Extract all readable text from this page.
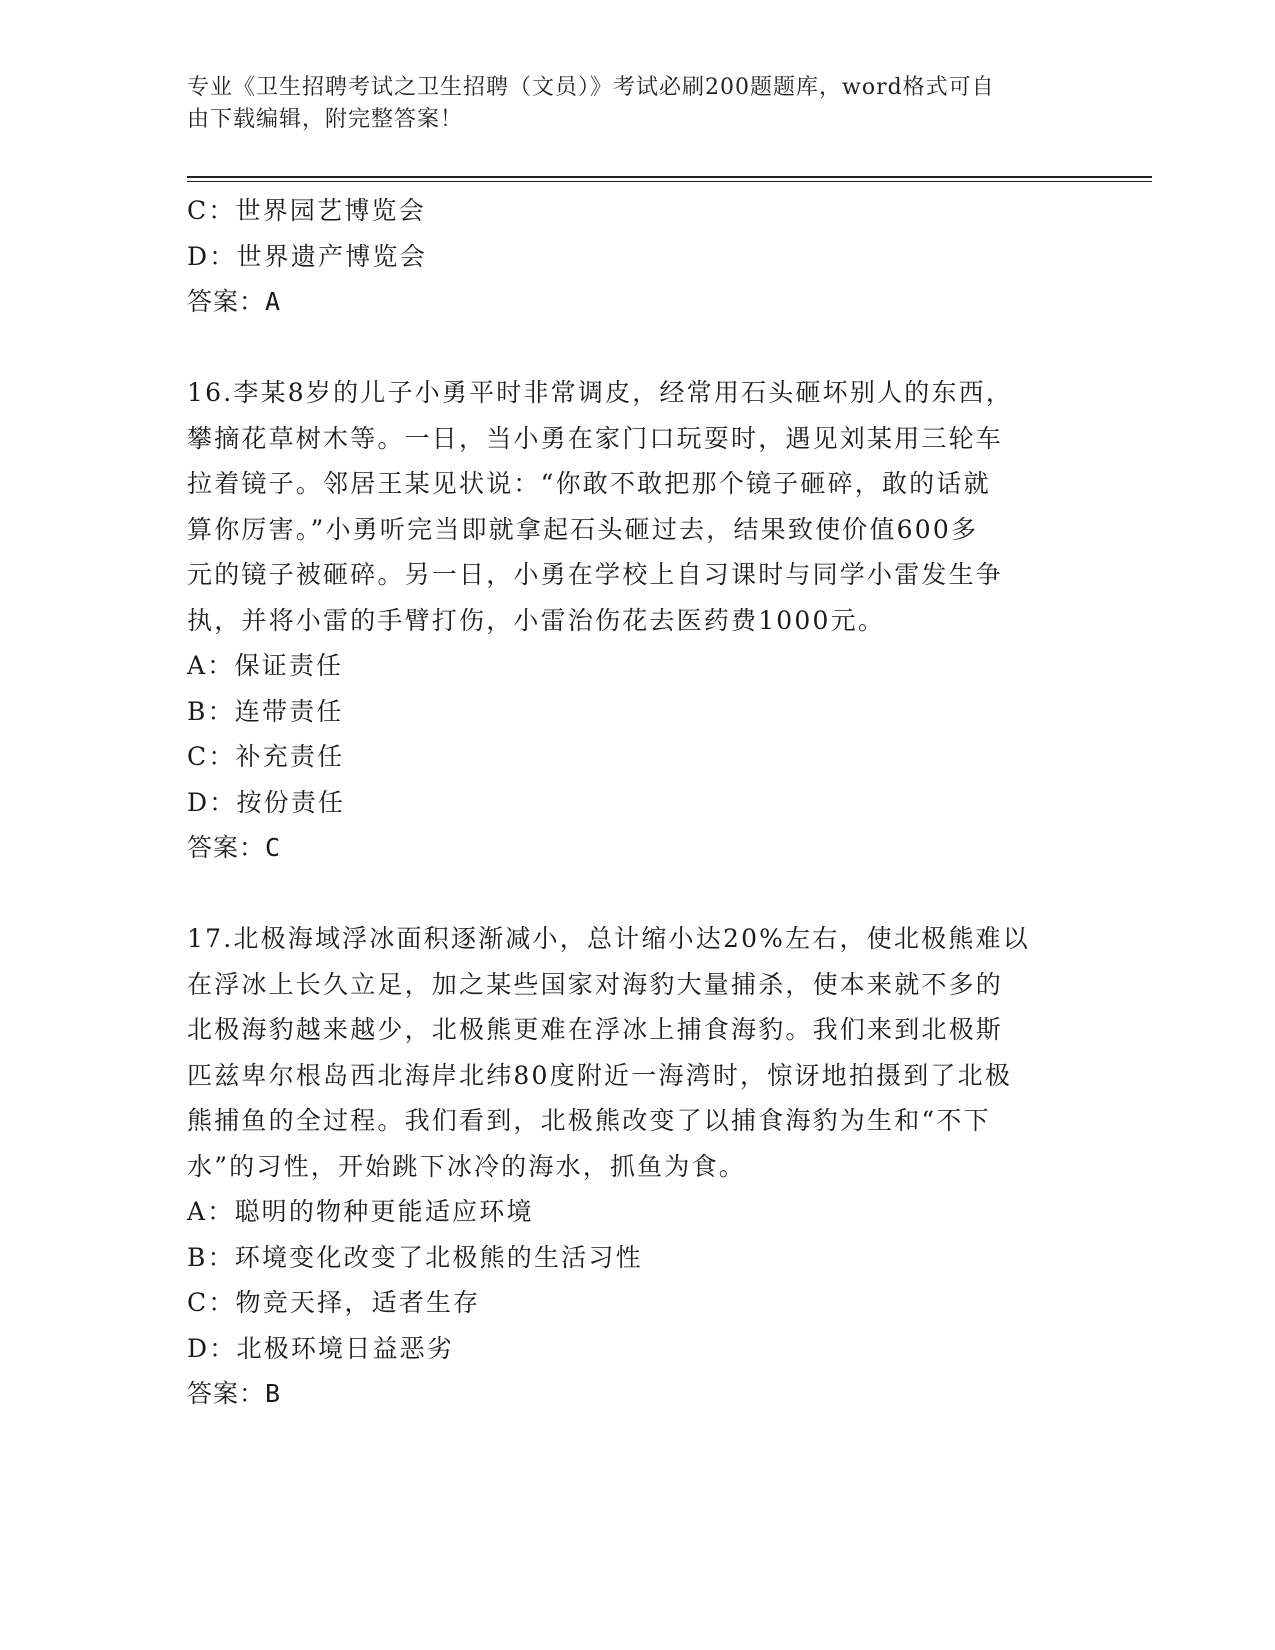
专业《卫生招聘考试之卫生招聘（文员）》考试必刷200题题库，word格式可自
由下载编辑，附完整答案！
C：世界园艺博览会
D：世界遗产博览会
答案：A
16.李某8岁的儿子小勇平时非常调皮，经常用石头砸坏别人的东西，
攀摘花草树木等。一日，当小勇在家门口玩耍时，遇见刘某用三轮车
拉着镜子。邻居王某见状说：“你敢不敢把那个镜子砸碎，敢的话就
算你厉害。”小勇听完当即就拿起石头砸过去，结果致使价值600多
元的镜子被砸碎。另一日，小勇在学校上自习课时与同学小雷发生争
执，并将小雷的手臂打伤，小雷治伤花去医药费1000元。
A：保证责任
B：连带责任
C：补充责任
D：按份责任
答案：C
17.北极海域浮冰面积逐渐减小，总计缩小达20%左右，使北极熊难以
在浮冰上长久立足，加之某些国家对海豹大量捕杀，使本来就不多的
北极海豹越来越少，北极熊更难在浮冰上捕食海豹。我们来到北极斯
匹兹卑尔根岛西北海岸北纬80度附近一海湾时，惊讶地拍摄到了北极
熊捕鱼的全过程。我们看到，北极熊改变了以捕食海豹为生和“不下
水”的习性，开始跳下冰冷的海水，抓鱼为食。
A：聪明的物种更能适应环境
B：环境变化改变了北极熊的生活习性
C：物竞天择，适者生存
D：北极环境日益恶劣
答案：B
